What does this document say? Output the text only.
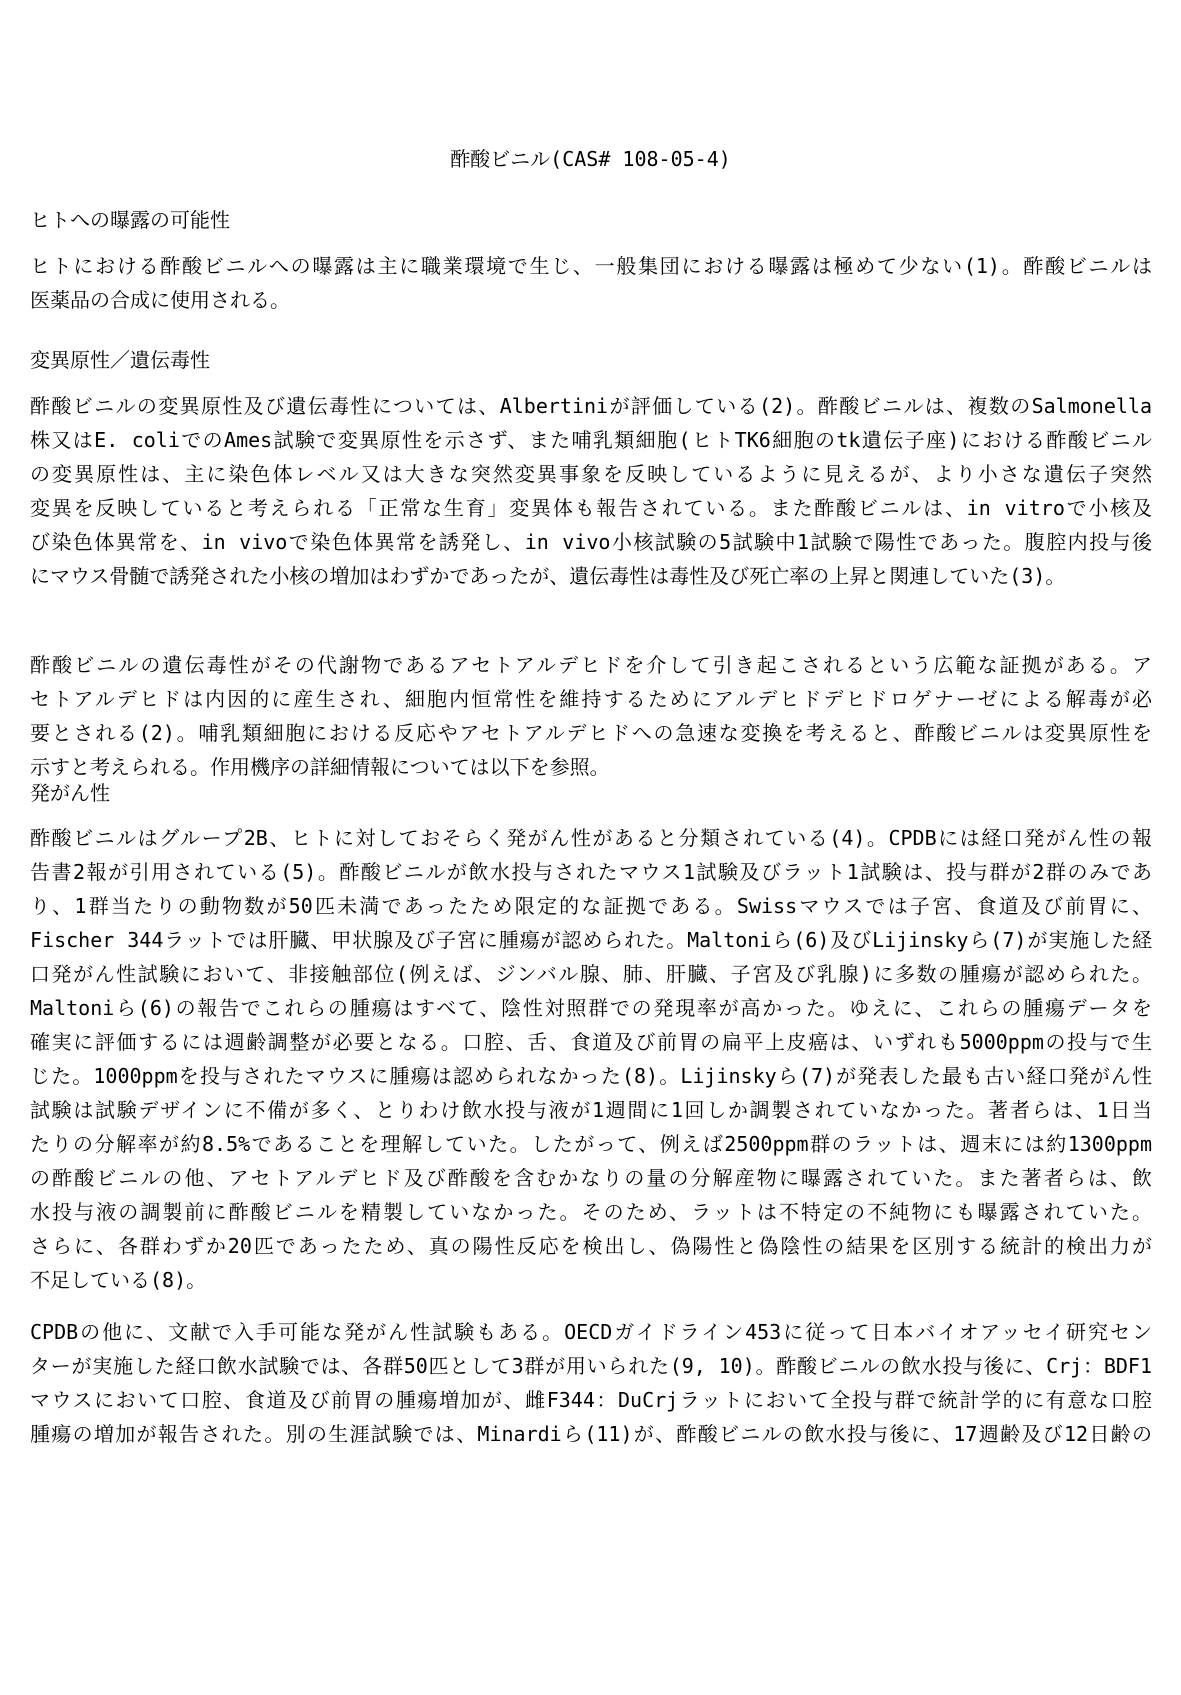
酢酸ビニル(CAS# 108-05-4)
ヒトへの曝露の可能性
ヒトにおける酢酸ビニルへの曝露は主に職業環境で生じ、一般集団における曝露は極めて少ない(1)。酢酸ビニルは
医薬品の合成に使用される。
変異原性／遺伝毒性
酢酸ビニルの変異原性及び遺伝毒性については、Albertiniが評価している(2)。酢酸ビニルは、複数のSalmonella
株又はE. coliでのAmes試験で変異原性を示さず、また哺乳類細胞(ヒトTK6細胞のtk遺伝子座)における酢酸ビニル
の変異原性は、主に染色体レベル又は大きな突然変異事象を反映しているように見えるが、より小さな遺伝子突然
変異を反映していると考えられる「正常な生育」変異体も報告されている。また酢酸ビニルは、in vitroで小核及
び染色体異常を、in vivoで染色体異常を誘発し、in vivo小核試験の5試験中1試験で陽性であった。腹腔内投与後
にマウス骨髄で誘発された小核の増加はわずかであったが、遺伝毒性は毒性及び死亡率の上昇と関連していた(3)。
酢酸ビニルの遺伝毒性がその代謝物であるアセトアルデヒドを介して引き起こされるという広範な証拠がある。ア
セトアルデヒドは内因的に産生され、細胞内恒常性を維持するためにアルデヒドデヒドロゲナーゼによる解毒が必
要とされる(2)。哺乳類細胞における反応やアセトアルデヒドへの急速な変換を考えると、酢酸ビニルは変異原性を
示すと考えられる。作用機序の詳細情報については以下を参照。
発がん性
酢酸ビニルはグループ2B、ヒトに対しておそらく発がん性があると分類されている(4)。CPDBには経口発がん性の報
告書2報が引用されている(5)。酢酸ビニルが飲水投与されたマウス1試験及びラット1試験は、投与群が2群のみであ
り、1群当たりの動物数が50匹未満であったため限定的な証拠である。Swissマウスでは子宮、食道及び前胃に、
Fischer 344ラットでは肝臓、甲状腺及び子宮に腫瘍が認められた。Maltoniら(6)及びLijinskyら(7)が実施した経
口発がん性試験において、非接触部位(例えば、ジンバル腺、肺、肝臓、子宮及び乳腺)に多数の腫瘍が認められた。
Maltoniら(6)の報告でこれらの腫瘍はすべて、陰性対照群での発現率が高かった。ゆえに、これらの腫瘍データを
確実に評価するには週齢調整が必要となる。口腔、舌、食道及び前胃の扁平上皮癌は、いずれも5000ppmの投与で生
じた。1000ppmを投与されたマウスに腫瘍は認められなかった(8)。Lijinskyら(7)が発表した最も古い経口発がん性
試験は試験デザインに不備が多く、とりわけ飲水投与液が1週間に1回しか調製されていなかった。著者らは、1日当
たりの分解率が約8.5%であることを理解していた。したがって、例えば2500ppm群のラットは、週末には約1300ppm
の酢酸ビニルの他、アセトアルデヒド及び酢酸を含むかなりの量の分解産物に曝露されていた。また著者らは、飲
水投与液の調製前に酢酸ビニルを精製していなかった。そのため、ラットは不特定の不純物にも曝露されていた。
さらに、各群わずか20匹であったため、真の陽性反応を検出し、偽陽性と偽陰性の結果を区別する統計的検出力が
不足している(8)。
CPDBの他に、文献で入手可能な発がん性試験もある。OECDガイドライン453に従って日本バイオアッセイ研究セン
ターが実施した経口飲水試験では、各群50匹として3群が用いられた(9, 10)。酢酸ビニルの飲水投与後に、Crj：BDF1
マウスにおいて口腔、食道及び前胃の腫瘍増加が、雌F344：DuCrjラットにおいて全投与群で統計学的に有意な口腔
腫瘍の増加が報告された。別の生涯試験では、Minardiら(11)が、酢酸ビニルの飲水投与後に、17週齢及び12日齢の
